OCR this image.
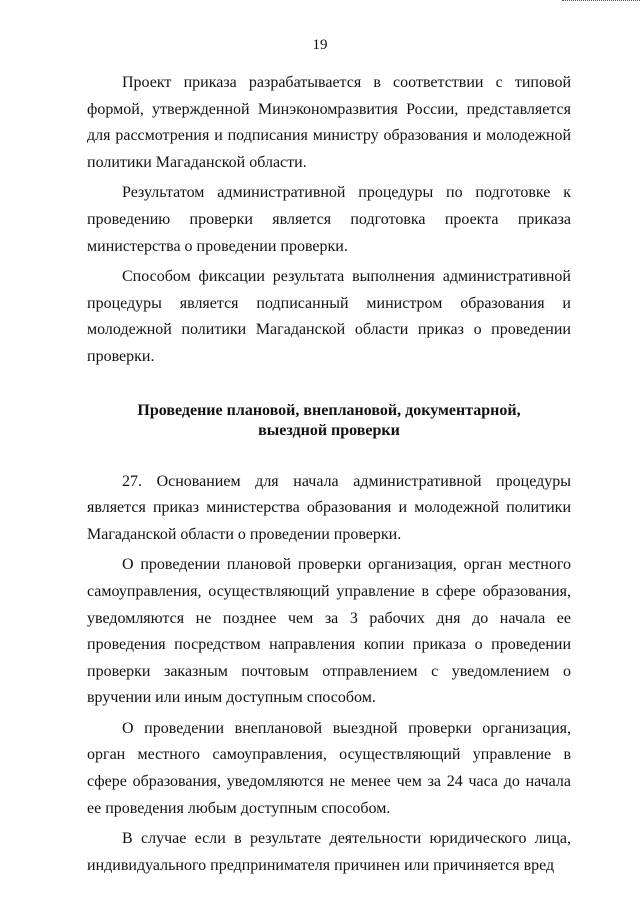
19

Проект приказа разрабатывается в соответствии с типовой формой, утвержденной Минэкономразвития России, представляется для рассмотрения и подписания министру образования и молодежной политики Магаданской области.

Результатом административной процедуры по подготовке к проведению проверки является подготовка проекта приказа министерства о проведении проверки.

Способом фиксации результата выполнения административной процедуры является подписанный министром образования и молодежной политики Магаданской области приказ о проведении проверки.

Проведение плановой, внеплановой, документарной,
выездной проверки

27. Основанием для начала административной процедуры является приказ министерства образования и молодежной политики Магаданской области о проведении проверки.

О проведении плановой проверки организация, орган местного самоуправления, осуществляющий управление в сфере образования, уведомляются не позднее чем за 3 рабочих дня до начала ее проведения посредством направления копии приказа о проведении проверки заказным почтовым отправлением с уведомлением о вручении или иным доступным способом.

О проведении внеплановой выездной проверки организация, орган местного самоуправления, осуществляющий управление в сфере образования, уведомляются не менее чем за 24 часа до начала ее проведения любым доступным способом.

В случае если в результате деятельности юридического лица, индивидуального предпринимателя причинен или причиняется вред
